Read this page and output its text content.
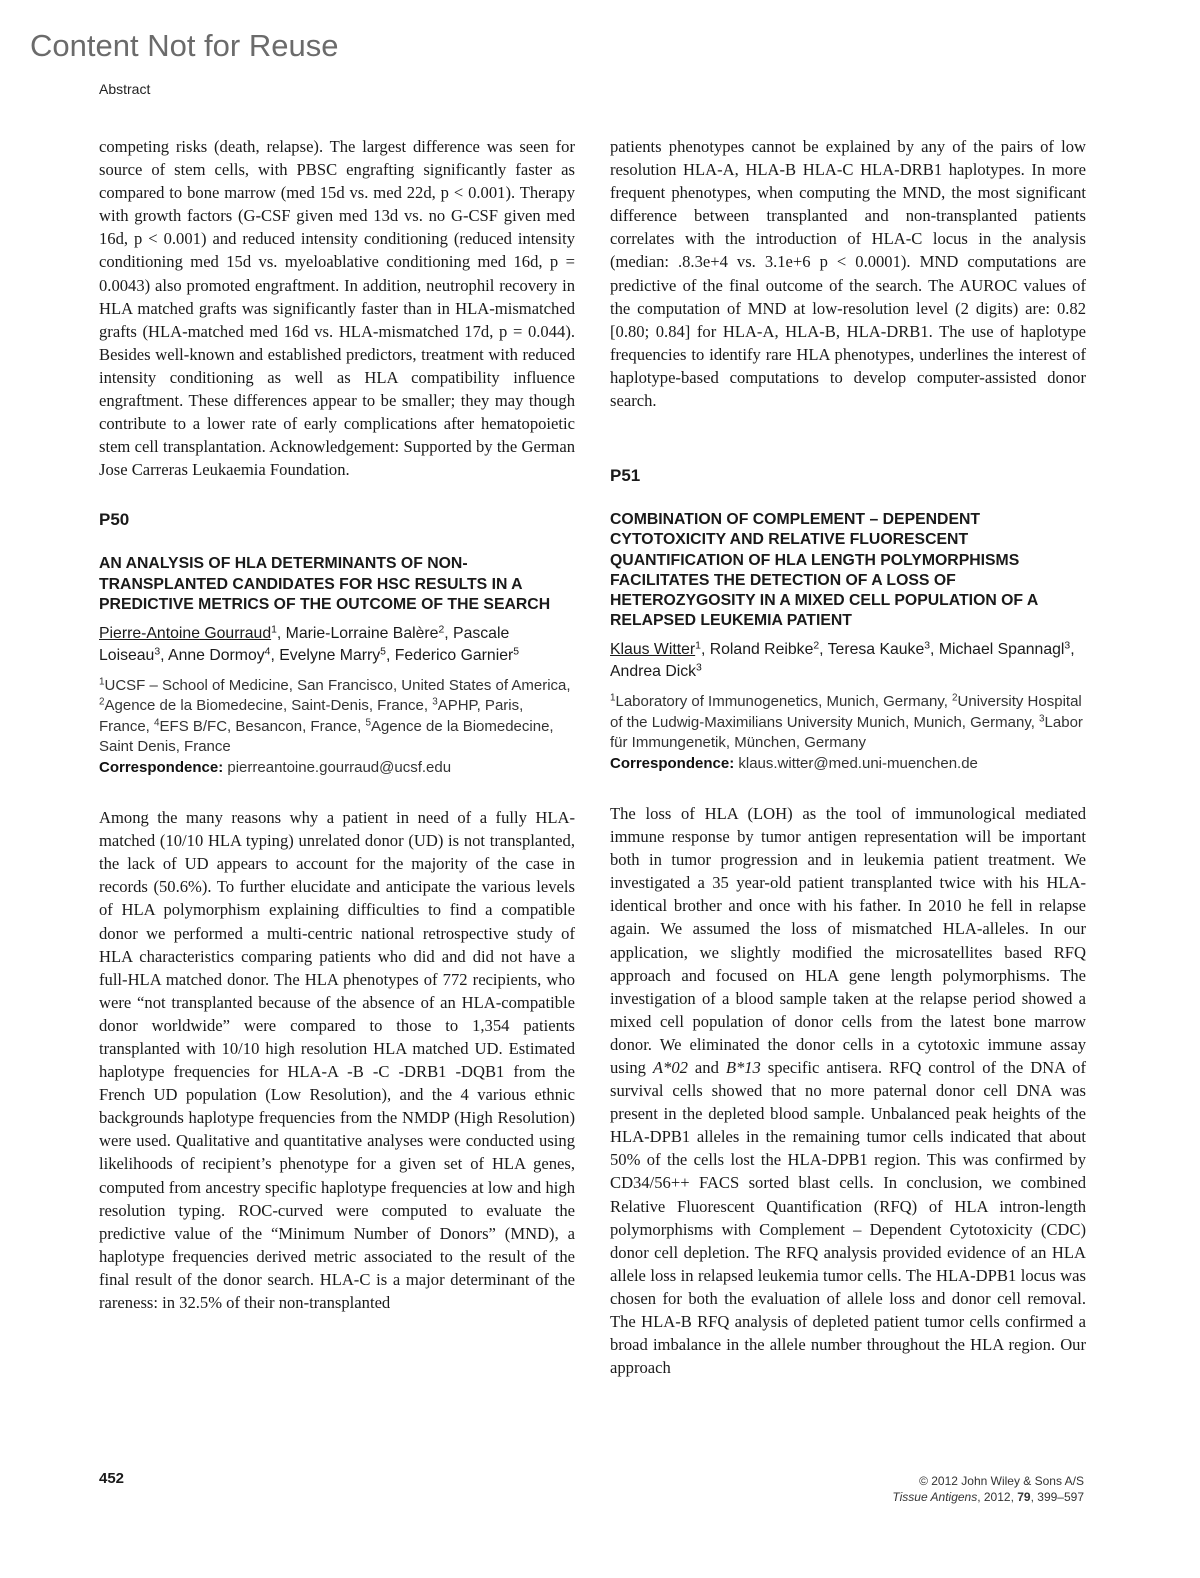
Content Not for Reuse
Abstract

competing risks (death, relapse). The largest difference was seen for source of stem cells, with PBSC engrafting significantly faster as compared to bone marrow (med 15d vs. med 22d, p < 0.001). Therapy with growth factors (G-CSF given med 13d vs. no G-CSF given med 16d, p < 0.001) and reduced intensity conditioning (reduced intensity conditioning med 15d vs. myeloablative conditioning med 16d, p = 0.0043) also promoted engraftment. In addition, neutrophil recovery in HLA matched grafts was significantly faster than in HLA-mismatched grafts (HLA-matched med 16d vs. HLA-mismatched 17d, p = 0.044). Besides well-known and established predictors, treatment with reduced intensity conditioning as well as HLA compatibility influence engraftment. These differences appear to be smaller; they may though contribute to a lower rate of early complications after hematopoietic stem cell transplantation. Acknowledgement: Supported by the German Jose Carreras Leukaemia Foundation.

P50

AN ANALYSIS OF HLA DETERMINANTS OF NON-TRANSPLANTED CANDIDATES FOR HSC RESULTS IN A PREDICTIVE METRICS OF THE OUTCOME OF THE SEARCH

Pierre-Antoine Gourraud$^1$, Marie-Lorraine Balère$^2$, Pascale Loiseau$^3$, Anne Dormoy$^4$, Evelyne Marry$^5$, Federico Garnier$^5$

$^1$UCSF – School of Medicine, San Francisco, United States of America, $^2$Agence de la Biomedecine, Saint-Denis, France, $^3$APHP, Paris, France, $^4$EFS B/FC, Besancon, France, $^5$Agence de la Biomedecine, Saint Denis, France

Correspondence: pierreantoine.gourraud@ucsf.edu

Among the many reasons why a patient in need of a fully HLA-matched (10/10 HLA typing) unrelated donor (UD) is not transplanted, the lack of UD appears to account for the majority of the case in records (50.6%). To further elucidate and anticipate the various levels of HLA polymorphism explaining difficulties to find a compatible donor we performed a multi-centric national retrospective study of HLA characteristics comparing patients who did and did not have a full-HLA matched donor. The HLA phenotypes of 772 recipients, who were “not transplanted because of the absence of an HLA-compatible donor worldwide” were compared to those to 1,354 patients transplanted with 10/10 high resolution HLA matched UD. Estimated haplotype frequencies for HLA-A -B -C -DRB1 -DQB1 from the French UD population (Low Resolution), and the 4 various ethnic backgrounds haplotype frequencies from the NMDP (High Resolution) were used. Qualitative and quantitative analyses were conducted using likelihoods of recipient’s phenotype for a given set of HLA genes, computed from ancestry specific haplotype frequencies at low and high resolution typing. ROC-curved were computed to evaluate the predictive value of the “Minimum Number of Donors” (MND), a haplotype frequencies derived metric associated to the result of the final result of the donor search. HLA-C is a major determinant of the rareness: in 32.5% of their non-transplanted

patients phenotypes cannot be explained by any of the pairs of low resolution HLA-A, HLA-B HLA-C HLA-DRB1 haplotypes. In more frequent phenotypes, when computing the MND, the most significant difference between transplanted and non-transplanted patients correlates with the introduction of HLA-C locus in the analysis (median: .8.3e+4 vs. 3.1e+6 p < 0.0001). MND computations are predictive of the final outcome of the search. The AUROC values of the computation of MND at low-resolution level (2 digits) are: 0.82 [0.80; 0.84] for HLA-A, HLA-B, HLA-DRB1. The use of haplotype frequencies to identify rare HLA phenotypes, underlines the interest of haplotype-based computations to develop computer-assisted donor search.

P51

COMBINATION OF COMPLEMENT – DEPENDENT CYTOTOXICITY AND RELATIVE FLUORESCENT QUANTIFICATION OF HLA LENGTH POLYMORPHISMS FACILITATES THE DETECTION OF A LOSS OF HETEROZYGOSITY IN A MIXED CELL POPULATION OF A RELAPSED LEUKEMIA PATIENT

Klaus Witter$^1$, Roland Reibke$^2$, Teresa Kauke$^3$, Michael Spannagl$^3$, Andrea Dick$^3$

$^1$Laboratory of Immunogenetics, Munich, Germany, $^2$University Hospital of the Ludwig-Maximilians University Munich, Munich, Germany, $^3$Labor für Immungenetik, München, Germany

Correspondence: klaus.witter@med.uni-muenchen.de

The loss of HLA (LOH) as the tool of immunological mediated immune response by tumor antigen representation will be important both in tumor progression and in leukemia patient treatment. We investigated a 35 year-old patient transplanted twice with his HLA-identical brother and once with his father. In 2010 he fell in relapse again. We assumed the loss of mismatched HLA-alleles. In our application, we slightly modified the microsatellites based RFQ approach and focused on HLA gene length polymorphisms. The investigation of a blood sample taken at the relapse period showed a mixed cell population of donor cells from the latest bone marrow donor. We eliminated the donor cells in a cytotoxic immune assay using A*02 and B*13 specific antisera. RFQ control of the DNA of survival cells showed that no more paternal donor cell DNA was present in the depleted blood sample. Unbalanced peak heights of the HLA-DPB1 alleles in the remaining tumor cells indicated that about 50% of the cells lost the HLA-DPB1 region. This was confirmed by CD34/56++ FACS sorted blast cells. In conclusion, we combined Relative Fluorescent Quantification (RFQ) of HLA intron-length polymorphisms with Complement – Dependent Cytotoxicity (CDC) donor cell depletion. The RFQ analysis provided evidence of an HLA allele loss in relapsed leukemia tumor cells. The HLA-DPB1 locus was chosen for both the evaluation of allele loss and donor cell removal. The HLA-B RFQ analysis of depleted patient tumor cells confirmed a broad imbalance in the allele number throughout the HLA region. Our approach

452	© 2012 John Wiley & Sons A/S
Tissue Antigens, 2012, 79, 399–597
